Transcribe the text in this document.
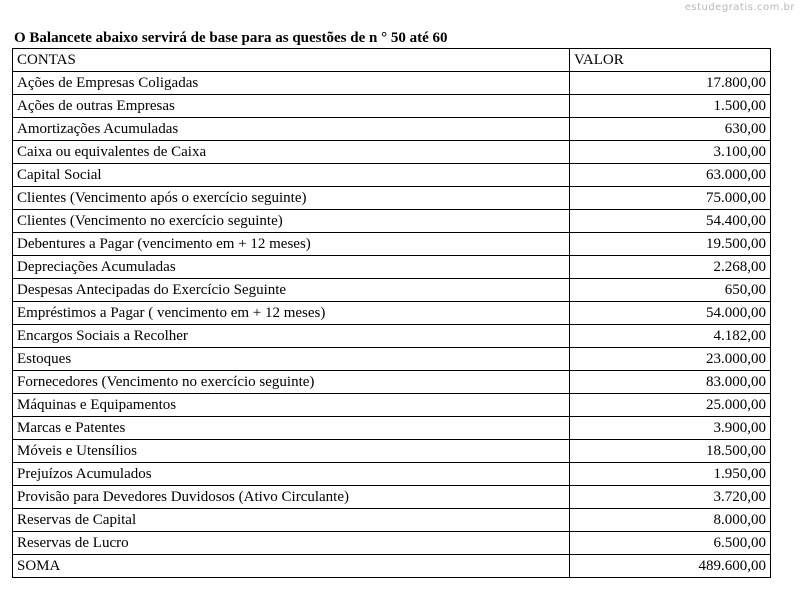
estudegratis.com.br
O Balancete abaixo servirá de base para as questões de n ° 50 até 60
CONTAS	VALOR
Ações de Empresas Coligadas	17.800,00
Ações de outras Empresas	1.500,00
Amortizações Acumuladas	630,00
Caixa ou equivalentes de Caixa	3.100,00
Capital Social	63.000,00
Clientes (Vencimento após o exercício seguinte)	75.000,00
Clientes (Vencimento no exercício seguinte)	54.400,00
Debentures a Pagar (vencimento em + 12 meses)	19.500,00
Depreciações Acumuladas	2.268,00
Despesas Antecipadas do Exercício Seguinte	650,00
Empréstimos a Pagar ( vencimento em + 12 meses)	54.000,00
Encargos Sociais a Recolher	4.182,00
Estoques	23.000,00
Fornecedores (Vencimento no exercício seguinte)	83.000,00
Máquinas e Equipamentos	25.000,00
Marcas e Patentes	3.900,00
Móveis e Utensílios	18.500,00
Prejuízos Acumulados	1.950,00
Provisão para Devedores Duvidosos (Ativo Circulante)	3.720,00
Reservas de Capital	8.000,00
Reservas de Lucro	6.500,00
SOMA	489.600,00
